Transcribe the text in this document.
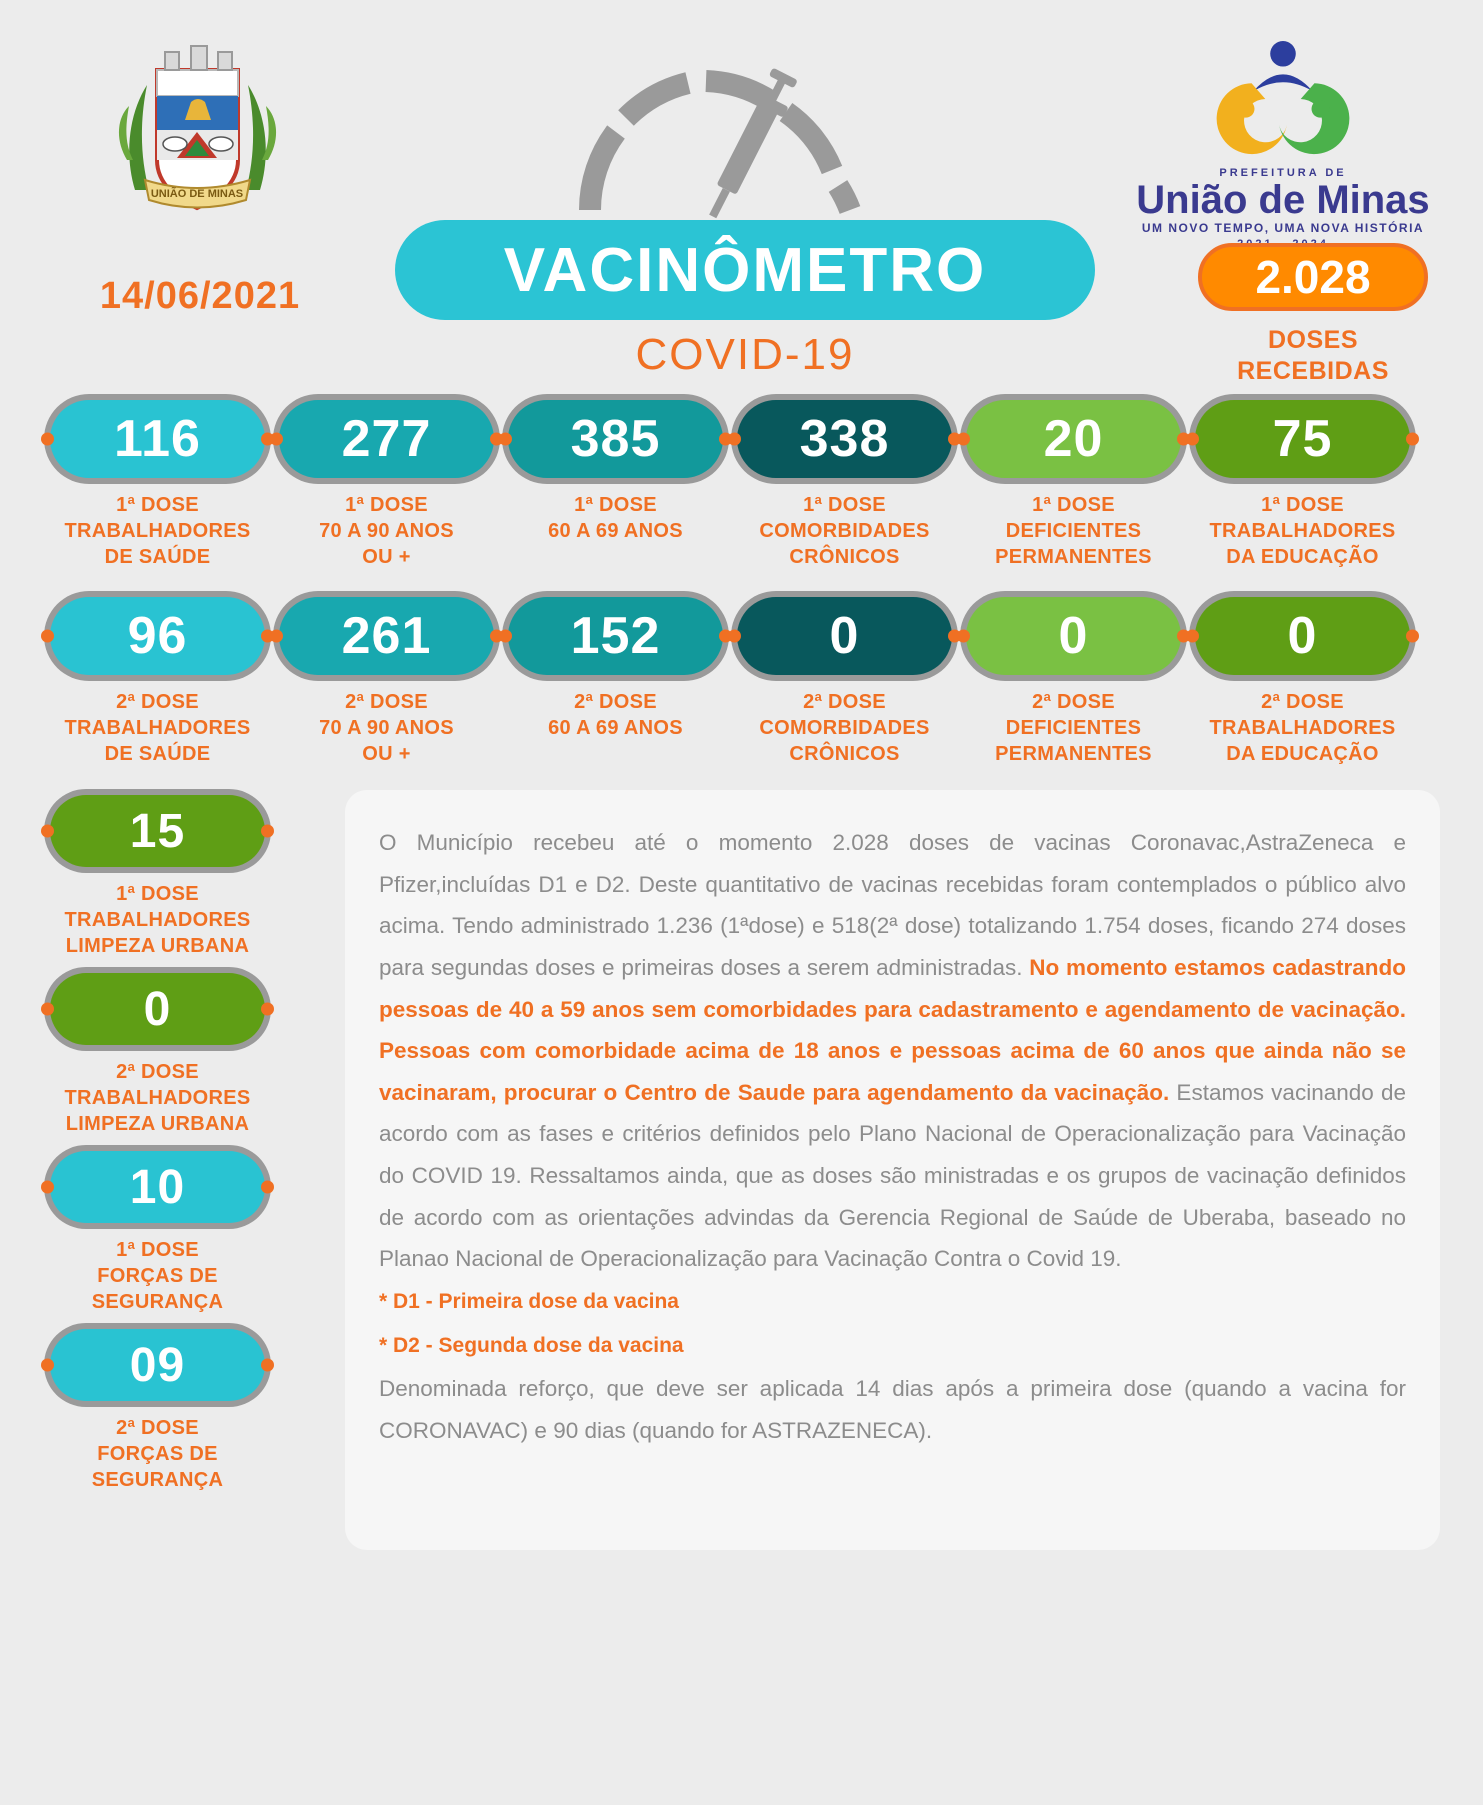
UNIÃO DE MINAS
14/06/2021	VACINÔMETRO
COVID-19
PREFEITURA DE
União de Minas
UM NOVO TEMPO, UMA NOVA HISTÓRIA
2.028
DOSES
RECEBIDAS
116
1ª DOSE
TRABALHADORES
DE SAÚDE
277
1ª DOSE
70 A 90 ANOS
OU +
385
1ª DOSE
60 A 69 ANOS
338
1ª DOSE
COMORBIDADES
CRÔNICOS
20
1ª DOSE
DEFICIENTES
PERMANENTES
75
1ª DOSE
TRABALHADORES
DA EDUCAÇÃO
96
2ª DOSE
TRABALHADORES
DE SAÚDE
261
2ª DOSE
70 A 90 ANOS
OU +
152
2ª DOSE
60 A 69 ANOS
0
2ª DOSE
COMORBIDADES
CRÔNICOS
0
2ª DOSE
DEFICIENTES
PERMANENTES
0
2ª DOSE
TRABALHADORES
DA EDUCAÇÃO
15
1ª DOSE
TRABALHADORES
LIMPEZA URBANA
0
2ª DOSE
TRABALHADORES
LIMPEZA URBANA
10
1ª DOSE
FORÇAS DE
SEGURANÇA
09
2ª DOSE
FORÇAS DE
SEGURANÇA

O Município recebeu até o momento 2.028 doses de vacinas Coronavac,AstraZeneca e Pfizer,incluídas D1 e D2. Deste quantitativo de vacinas recebidas foram contemplados o público alvo acima. Tendo administrado 1.236 (1ªdose) e 518(2ª dose) totalizando 1.754 doses, ficando 274 doses para segundas doses e primeiras doses a serem administradas. No momento estamos cadastrando pessoas de 40 a 59 anos sem comorbidades para cadastramento e agendamento de vacinação. Pessoas com comorbidade acima de 18 anos e pessoas acima de 60 anos que ainda não se vacinaram, procurar o Centro de Saude para agendamento da vacinação. Estamos vacinando de acordo com as fases e critérios definidos pelo Plano Nacional de Operacionalização para Vacinação do COVID 19. Ressaltamos ainda, que as doses são ministradas e os grupos de vacinação definidos de acordo com as orientações advindas da Gerencia Regional de Saúde de Uberaba, baseado no Planao Nacional de Operacionalização para Vacinação Contra o Covid 19.

* D1 - Primeira dose da vacina

* D2 - Segunda dose da vacina

Denominada reforço, que deve ser aplicada 14 dias após a primeira dose (quando a vacina for CORONAVAC) e 90 dias (quando for ASTRAZENECA).
